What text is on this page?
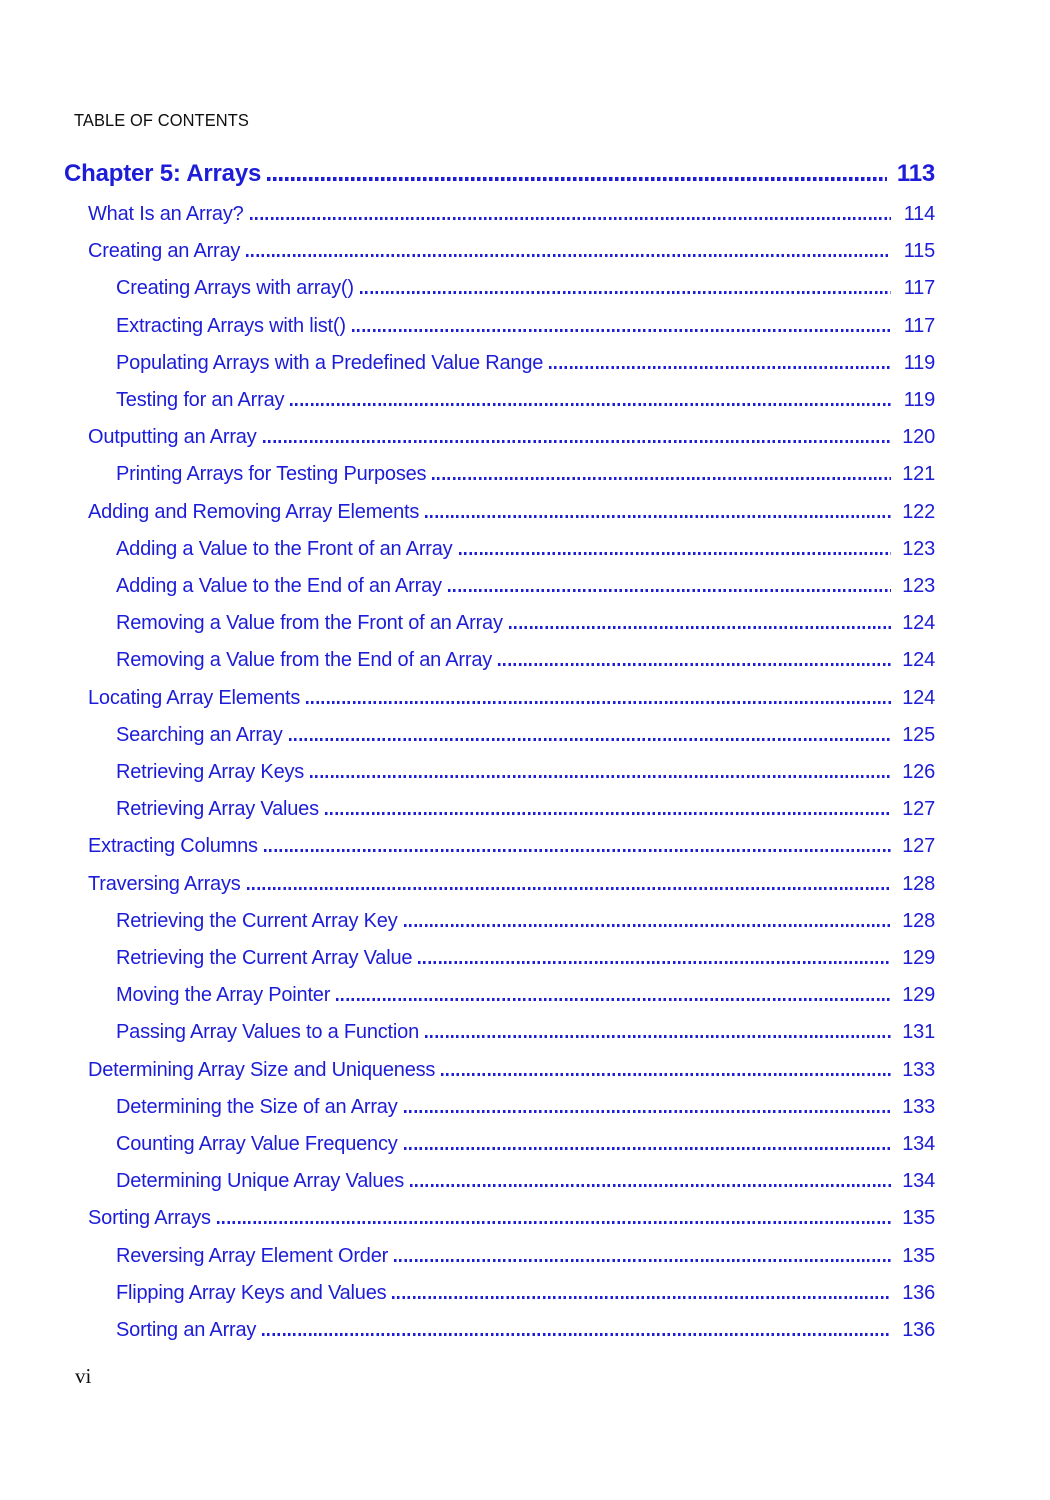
TABLE OF CONTENTS
Chapter 5: Arrays	113
What Is an Array?	114
Creating an Array	115
Creating Arrays with array()	117
Extracting Arrays with list()	117
Populating Arrays with a Predefined Value Range	119
Testing for an Array	119
Outputting an Array	120
Printing Arrays for Testing Purposes	121
Adding and Removing Array Elements	122
Adding a Value to the Front of an Array	123
Adding a Value to the End of an Array	123
Removing a Value from the Front of an Array	124
Removing a Value from the End of an Array	124
Locating Array Elements	124
Searching an Array	125
Retrieving Array Keys	126
Retrieving Array Values	127
Extracting Columns	127
Traversing Arrays	128
Retrieving the Current Array Key	128
Retrieving the Current Array Value	129
Moving the Array Pointer	129
Passing Array Values to a Function	131
Determining Array Size and Uniqueness	133
Determining the Size of an Array	133
Counting Array Value Frequency	134
Determining Unique Array Values	134
Sorting Arrays	135
Reversing Array Element Order	135
Flipping Array Keys and Values	136
Sorting an Array	136
vi
